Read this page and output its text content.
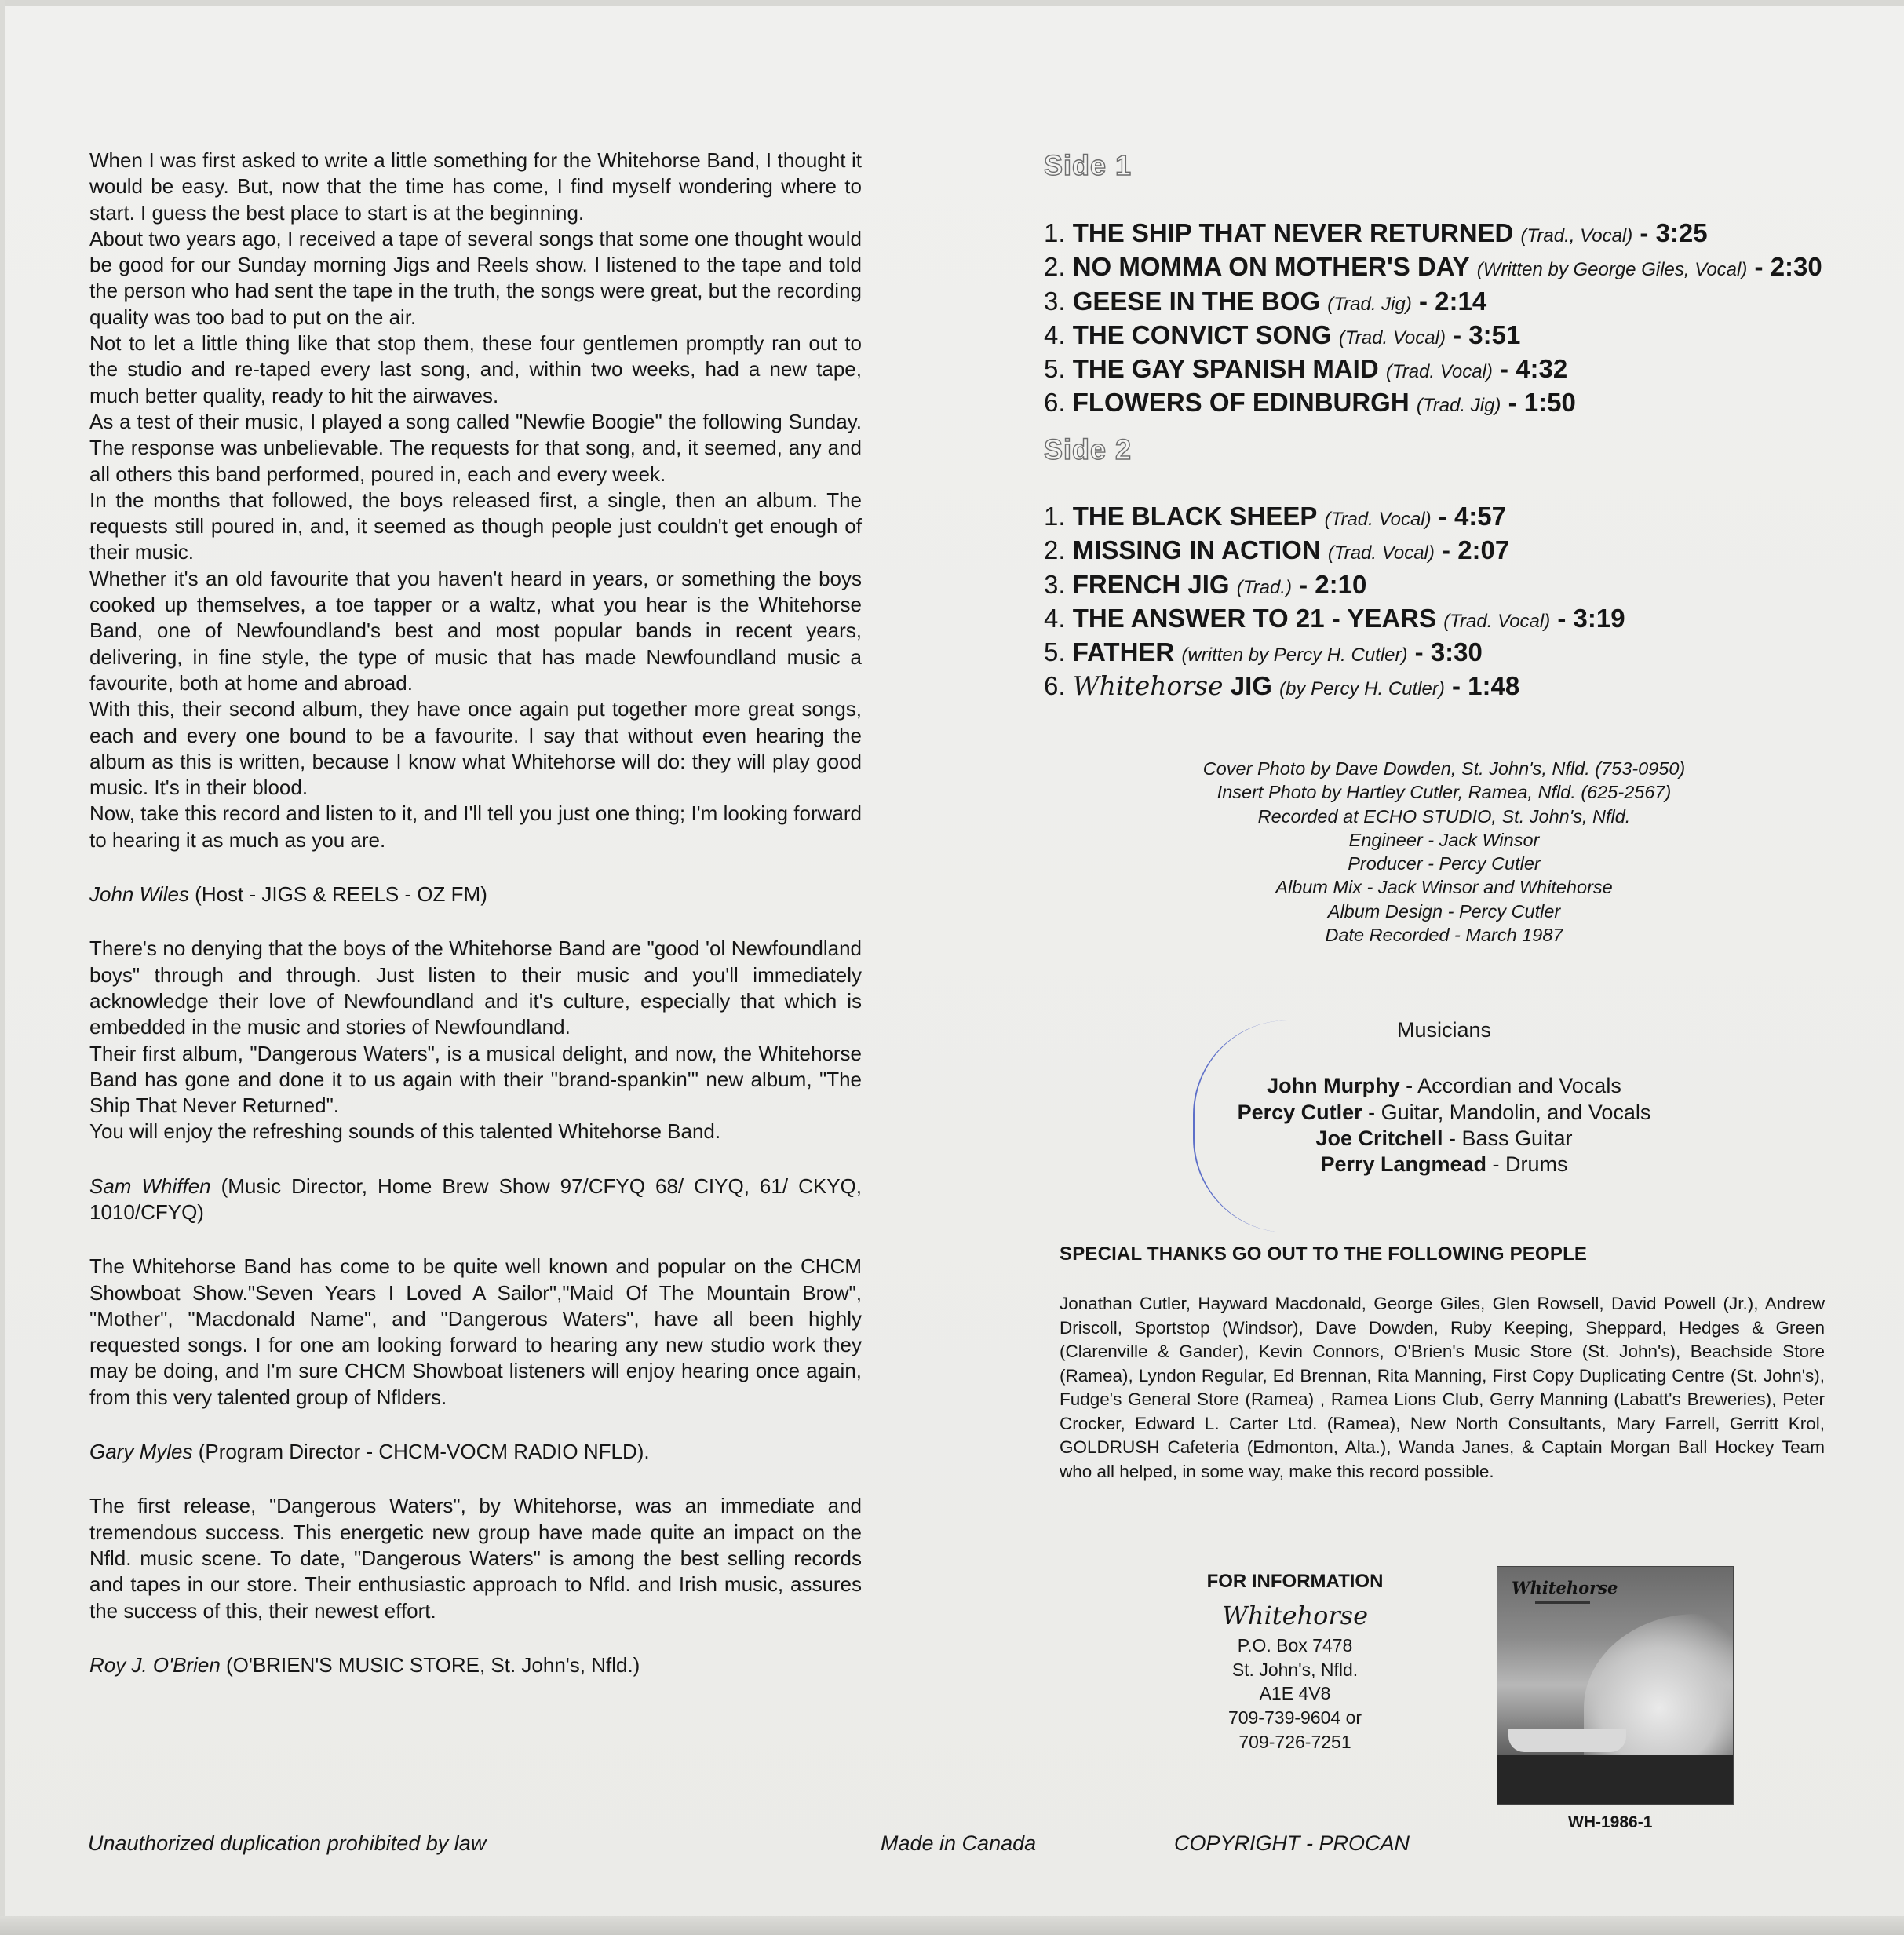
When I was first asked to write a little something for the Whitehorse Band, I thought it would be easy. But, now that the time has come, I find myself wondering where to start. I guess the best place to start is at the beginning.

About two years ago, I received a tape of several songs that some one thought would be good for our Sunday morning Jigs and Reels show. I listened to the tape and told the person who had sent the tape in the truth, the songs were great, but the recording quality was too bad to put on the air.

Not to let a little thing like that stop them, these four gentlemen promptly ran out to the studio and re-taped every last song, and, within two weeks, had a new tape, much better quality, ready to hit the airwaves.

As a test of their music, I played a song called "Newfie Boogie" the following Sunday. The response was unbelievable. The requests for that song, and, it seemed, any and all others this band performed, poured in, each and every week.

In the months that followed, the boys released first, a single, then an album. The requests still poured in, and, it seemed as though people just couldn't get enough of their music.

Whether it's an old favourite that you haven't heard in years, or something the boys cooked up themselves, a toe tapper or a waltz, what you hear is the Whitehorse Band, one of Newfoundland's best and most popular bands in recent years, delivering, in fine style, the type of music that has made Newfoundland music a favourite, both at home and abroad.

With this, their second album, they have once again put together more great songs, each and every one bound to be a favourite. I say that without even hearing the album as this is written, because I know what Whitehorse will do: they will play good music. It's in their blood.

Now, take this record and listen to it, and I'll tell you just one thing; I'm looking forward to hearing it as much as you are.

John Wiles (Host - JIGS & REELS - OZ FM)

There's no denying that the boys of the Whitehorse Band are "good 'ol Newfoundland boys" through and through. Just listen to their music and you'll immediately acknowledge their love of Newfoundland and it's culture, especially that which is embedded in the music and stories of Newfoundland.

Their first album, "Dangerous Waters", is a musical delight, and now, the Whitehorse Band has gone and done it to us again with their "brand-spankin'" new album, "The Ship That Never Returned".

You will enjoy the refreshing sounds of this talented Whitehorse Band.

Sam Whiffen (Music Director, Home Brew Show 97/CFYQ 68/ CIYQ, 61/ CKYQ, 1010/CFYQ)

The Whitehorse Band has come to be quite well known and popular on the CHCM Showboat Show."Seven Years I Loved A Sailor","Maid Of The Mountain Brow", "Mother", "Macdonald Name", and "Dangerous Waters", have all been highly requested songs. I for one am looking forward to hearing any new studio work they may be doing, and I'm sure CHCM Showboat listeners will enjoy hearing once again, from this very talented group of Nflders.

Gary Myles (Program Director - CHCM-VOCM RADIO NFLD).

The first release, "Dangerous Waters", by Whitehorse, was an immediate and tremendous success. This energetic new group have made quite an impact on the Nfld. music scene. To date, "Dangerous Waters" is among the best selling records and tapes in our store. Their enthusiastic approach to Nfld. and Irish music, assures the success of this, their newest effort.

Roy J. O'Brien (O'BRIEN'S MUSIC STORE, St. John's, Nfld.)

Side 1
1. THE SHIP THAT NEVER RETURNED (Trad., Vocal) - 3:25
2. NO MOMMA ON MOTHER'S DAY (Written by George Giles, Vocal) - 2:30
3. GEESE IN THE BOG (Trad. Jig) - 2:14
4. THE CONVICT SONG (Trad. Vocal) - 3:51
5. THE GAY SPANISH MAID (Trad. Vocal) - 4:32
6. FLOWERS OF EDINBURGH (Trad. Jig) - 1:50
Side 2
1. THE BLACK SHEEP (Trad. Vocal) - 4:57
2. MISSING IN ACTION (Trad. Vocal) - 2:07
3. FRENCH JIG (Trad.) - 2:10
4. THE ANSWER TO 21 - YEARS (Trad. Vocal) - 3:19
5. FATHER (written by Percy H. Cutler) - 3:30
6. Whitehorse JIG (by Percy H. Cutler) - 1:48
Cover Photo by Dave Dowden, St. John's, Nfld. (753-0950)
Insert Photo by Hartley Cutler, Ramea, Nfld. (625-2567)
Recorded at ECHO STUDIO, St. John's, Nfld.
Engineer - Jack Winsor
Producer - Percy Cutler
Album Mix - Jack Winsor and Whitehorse
Album Design - Percy Cutler
Date Recorded - March 1987
Musicians
John Murphy - Accordian and Vocals
Percy Cutler - Guitar, Mandolin, and Vocals
Joe Critchell - Bass Guitar
Perry Langmead - Drums
SPECIAL THANKS GO OUT TO THE FOLLOWING PEOPLE

Jonathan Cutler, Hayward Macdonald, George Giles, Glen Rowsell, David Powell (Jr.), Andrew Driscoll, Sportstop (Windsor), Dave Dowden, Ruby Keeping, Sheppard, Hedges & Green (Clarenville & Gander), Kevin Connors, O'Brien's Music Store (St. John's), Beachside Store (Ramea), Lyndon Regular, Ed Brennan, Rita Manning, First Copy Duplicating Centre (St. John's), Fudge's General Store (Ramea) , Ramea Lions Club, Gerry Manning (Labatt's Breweries), Peter Crocker, Edward L. Carter Ltd. (Ramea), New North Consultants, Mary Farrell, Gerritt Krol, GOLDRUSH Cafeteria (Edmonton, Alta.), Wanda Janes, & Captain Morgan Ball Hockey Team who all helped, in some way, make this record possible.

FOR INFORMATION
Whitehorse
P.O. Box 7478
St. John's, Nfld.
A1E 4V8
709-739-9604 or
709-726-7251
Whitehorse
WH-1986-1
Unauthorized duplication prohibited by law	Made in Canada	COPYRIGHT - PROCAN
